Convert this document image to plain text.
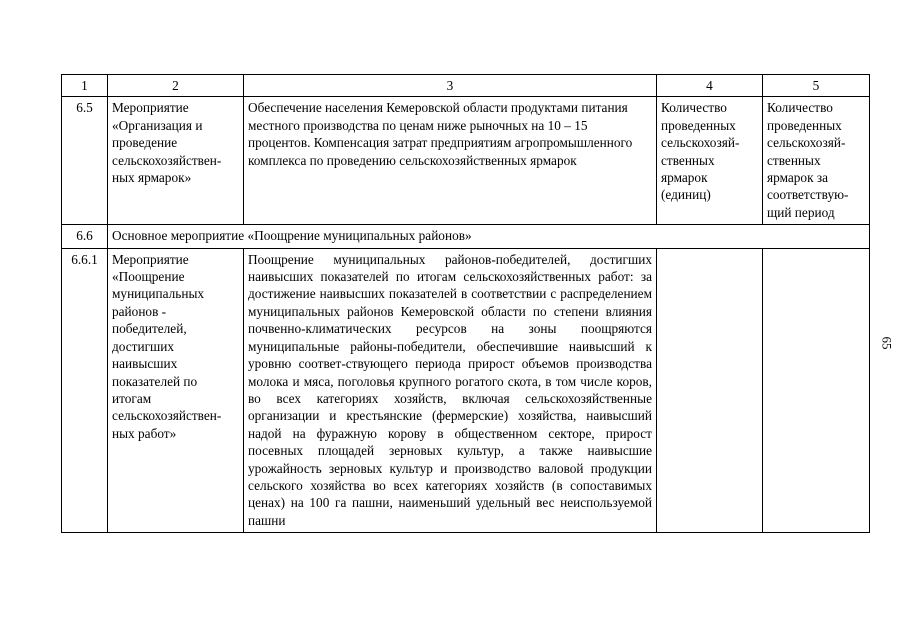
1	2	3	4	5
6.5	Мероприятие «Организация и проведение сельскохозяйствен-ных ярмарок»	Обеспечение населения Кемеровской области продуктами питания местного производства по ценам ниже рыночных на 10 – 15 процентов. Компенсация затрат предприятиям агропромышленного комплекса по проведению сельскохозяйственных ярмарок	Количество проведенных сельскохозяй-ственных ярмарок (единиц)	Количество проведенных сельскохозяй-ственных ярмарок за соответствую-щий период
6.6	Основное мероприятие «Поощрение муниципальных районов»			
6.6.1	Мероприятие «Поощрение муниципальных районов - победителей, достигших наивысших показателей по итогам сельскохозяйствен-ных работ»	Поощрение муниципальных районов-победителей, достигших наивысших показателей по итогам сельскохозяйственных работ: за достижение наивысших показателей в соответствии с распределением муниципальных районов Кемеровской области по степени влияния почвенно-климатических ресурсов на зоны поощряются муниципальные районы-победители, обеспечившие наивысший к уровню соответ-ствующего периода прирост объемов производства молока и мяса, поголовья крупного рогатого скота, в том числе коров, во всех категориях хозяйств, включая сельскохозяйственные организации и крестьянские (фермерские) хозяйства, наивысший надой на фуражную корову в общественном секторе, прирост посевных площадей зерновых культур, а также наивысшие урожайность зерновых культур и производство валовой продукции сельского хозяйства во всех категориях хозяйств (в сопоставимых ценах) на 100 га пашни, наименьший удельный вес неиспользуемой пашни		
65
